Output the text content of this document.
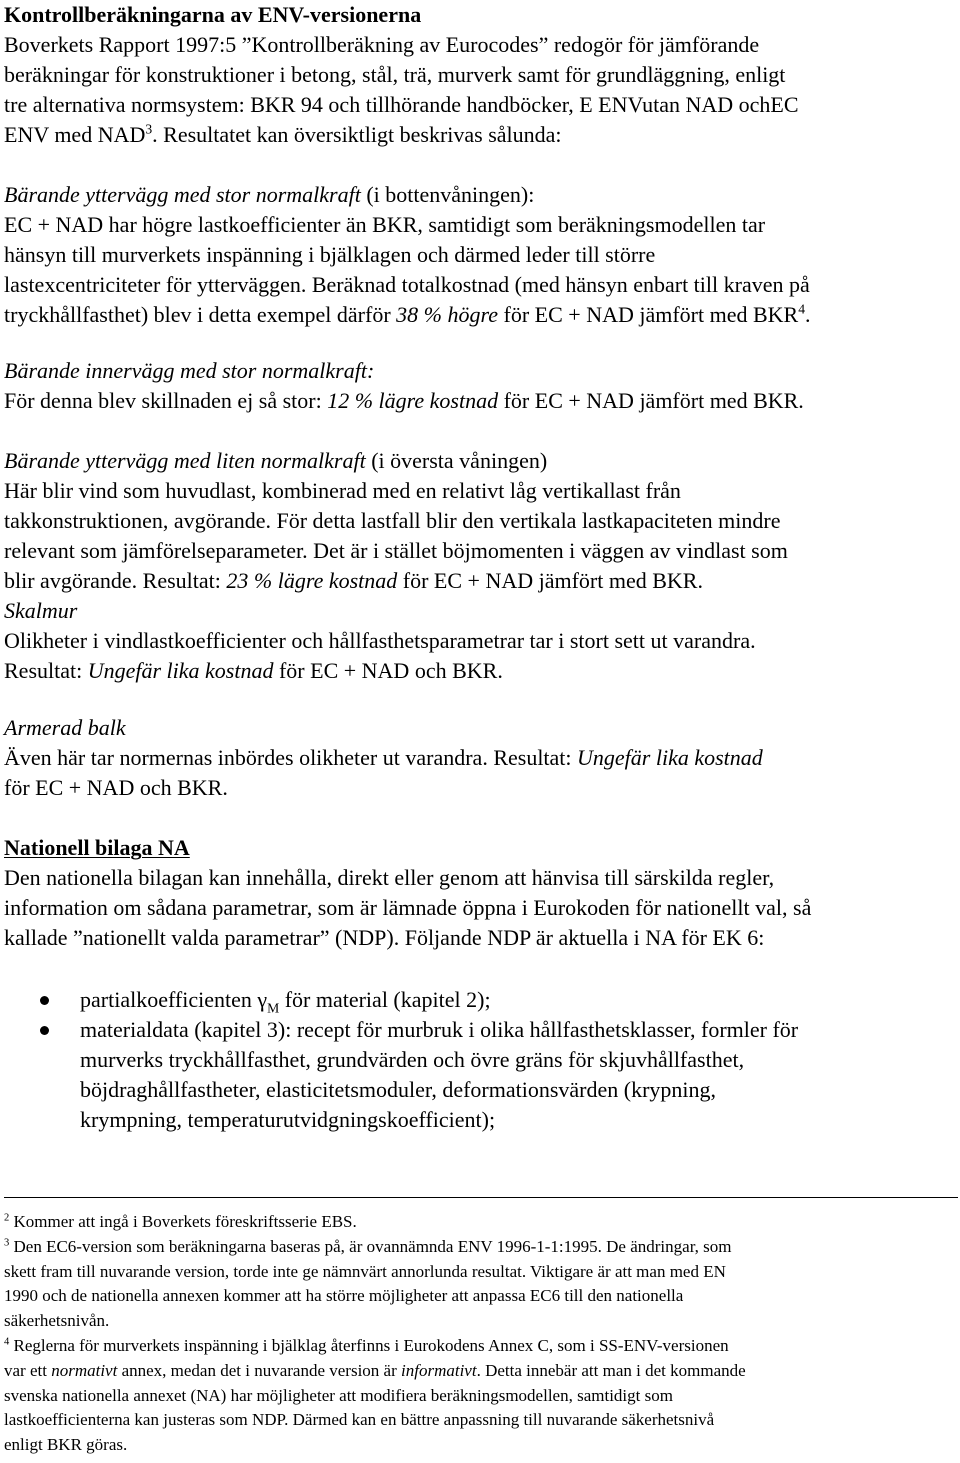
Kontrollberäkningarna av ENV-versionerna
Boverkets Rapport 1997:5 ”Kontrollberäkning av Eurocodes” redogör för jämförande
beräkningar för konstruktioner i betong, stål, trä, murverk samt för grundläggning, enligt
tre alternativa normsystem: BKR 94 och tillhörande handböcker, E ENVutan NAD ochEC
ENV med NAD$^3$. Resultatet kan översiktligt beskrivas sålunda:
Bärande yttervägg med stor normalkraft (i bottenvåningen):
EC + NAD har högre lastkoefficienter än BKR, samtidigt som beräkningsmodellen tar
hänsyn till murverkets inspänning i bjälklagen och därmed leder till större
lastexcentriciteter för ytterväggen. Beräknad totalkostnad (med hänsyn enbart till kraven på
tryckhållfasthet) blev i detta exempel därför 38 % högre för EC + NAD jämfört med BKR$^4$.
Bärande innervägg med stor normalkraft:
För denna blev skillnaden ej så stor: 12 % lägre kostnad för EC + NAD jämfört med BKR.
Bärande yttervägg med liten normalkraft (i översta våningen)
Här blir vind som huvudlast, kombinerad med en relativt låg vertikallast från
takkonstruktionen, avgörande. För detta lastfall blir den vertikala lastkapaciteten mindre
relevant som jämförelseparameter. Det är i stället böjmomenten i väggen av vindlast som
blir avgörande. Resultat: 23 % lägre kostnad för EC + NAD jämfört med BKR.
Skalmur
Olikheter i vindlastkoefficienter och hållfasthetsparametrar tar i stort sett ut varandra.
Resultat: Ungefär lika kostnad för EC + NAD och BKR.
Armerad balk
Även här tar normernas inbördes olikheter ut varandra. Resultat: Ungefär lika kostnad
för EC + NAD och BKR.
Nationell bilaga NA
Den nationella bilagan kan innehålla, direkt eller genom att hänvisa till särskilda regler,
information om sådana parametrar, som är lämnade öppna i Eurokoden för nationellt val, så
kallade ”nationellt valda parametrar” (NDP). Följande NDP är aktuella i NA för EK 6:
partialkoefficienten $\gamma_M$ för material (kapitel 2);
materialdata (kapitel 3): recept för murbruk i olika hållfasthetsklasser, formler för
murverks tryckhållfasthet, grundvärden och övre gräns för skjuvhållfasthet,
böjdraghållfastheter, elasticitetsmoduler, deformationsvärden (krypning,
krympning, temperaturutvidgningskoefficient);
$^2$ Kommer att ingå i Boverkets föreskriftsserie EBS.
$^3$ Den EC6-version som beräkningarna baseras på, är ovannämnda ENV 1996-1-1:1995. De ändringar, som
skett fram till nuvarande version, torde inte ge nämnvärt annorlunda resultat. Viktigare är att man med EN
1990 och de nationella annexen kommer att ha större möjligheter att anpassa EC6 till den nationella
säkerhetsnivån.
$^4$ Reglerna för murverkets inspänning i bjälklag återfinns i Eurokodens Annex C, som i SS-ENV-versionen
var ett normativt annex, medan det i nuvarande version är informativt. Detta innebär att man i det kommande
svenska nationella annexet (NA) har möjligheter att modifiera beräkningsmodellen, samtidigt som
lastkoefficienterna kan justeras som NDP. Därmed kan en bättre anpassning till nuvarande säkerhetsnivå
enligt BKR göras.
